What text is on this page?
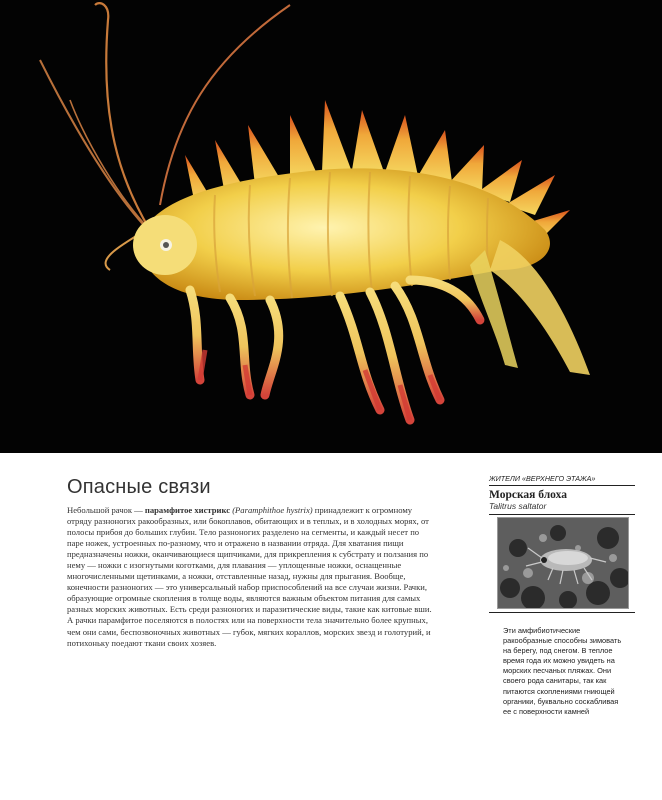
Опасные связи

Небольшой рачок — парамфитое хистрикс (Paramphithoe hystrix) принадлежит к огромному отряду разноногих ракообразных, или бокоплавов, обитающих и в теплых, и в холодных морях, от полосы прибоя до больших глубин. Тело разноногих разделено на сегменты, и каждый несет по паре ножек, устроенных по-разному, что и отражено в названии отряда. Для хватания пищи предназначены ножки, оканчивающиеся щипчиками, для прикрепления к субстрату и ползания по нему — ножки с изогнутыми коготками, для плавания — уплощенные ножки, оснащенные многочисленными щетинками, а ножки, отставленные назад, нужны для прыгания. Вообще, конечности разноногих — это универсальный набор приспособлений на все случаи жизни. Рачки, образующие огромные скопления в толще воды, являются важным объектом питания для самых разных морских животных. Есть среди разноногих и паразитические виды, такие как китовые вши. А рачки парамфитое поселяются в полостях или на поверхности тела значительно более крупных, чем они сами, беспозвоночных животных — губок, мягких кораллов, морских звезд и голотурий, и потихоньку поедают ткани своих хозяев.

ЖИТЕЛИ «ВЕРХНЕГО ЭТАЖА»

Морская блоха

Talitrus saltator

Эти амфибиотические ракообразные способны зимовать на берегу, под снегом. В теплое время года их можно увидеть на морских песчаных пляжах. Они своего рода санитары, так как питаются скоплениями гниющей органики, буквально соскабливая ее с поверхности камней
